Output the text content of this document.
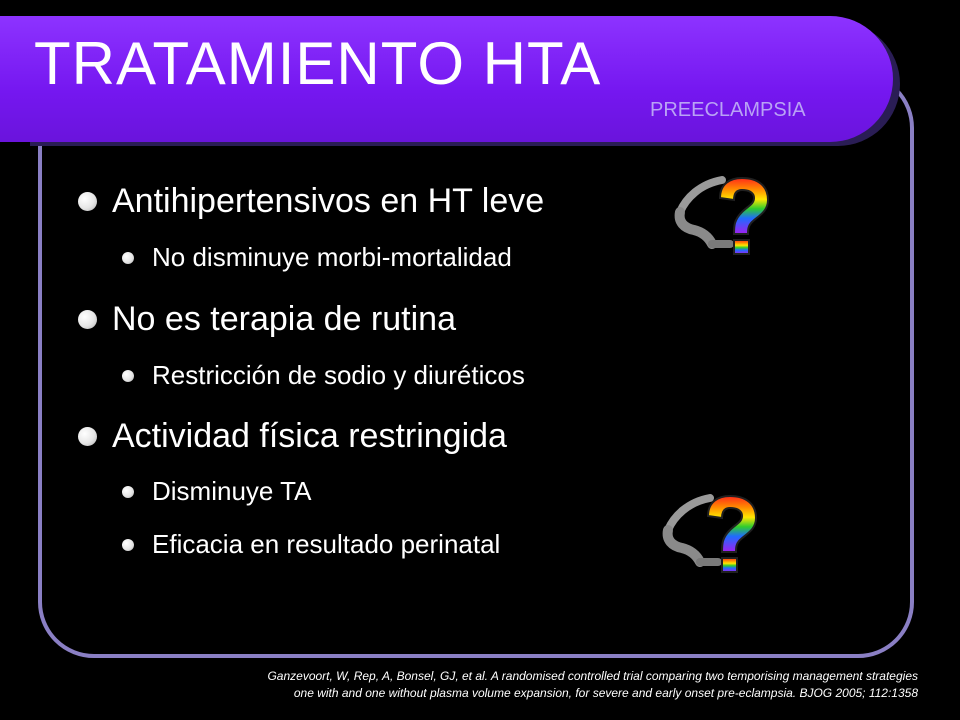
TRATAMIENTO HTA
PREECLAMPSIA
Antihipertensivos en HT leve
No disminuye morbi-mortalidad
No es terapia de rutina
Restricción de sodio y diuréticos
Actividad física restringida
Disminuye TA
Eficacia en resultado perinatal
Ganzevoort, W, Rep, A, Bonsel, GJ, et al. A randomised controlled trial comparing two temporising management strategies
one with and one without plasma volume expansion, for severe and early onset pre-eclampsia. BJOG 2005; 112:1358
